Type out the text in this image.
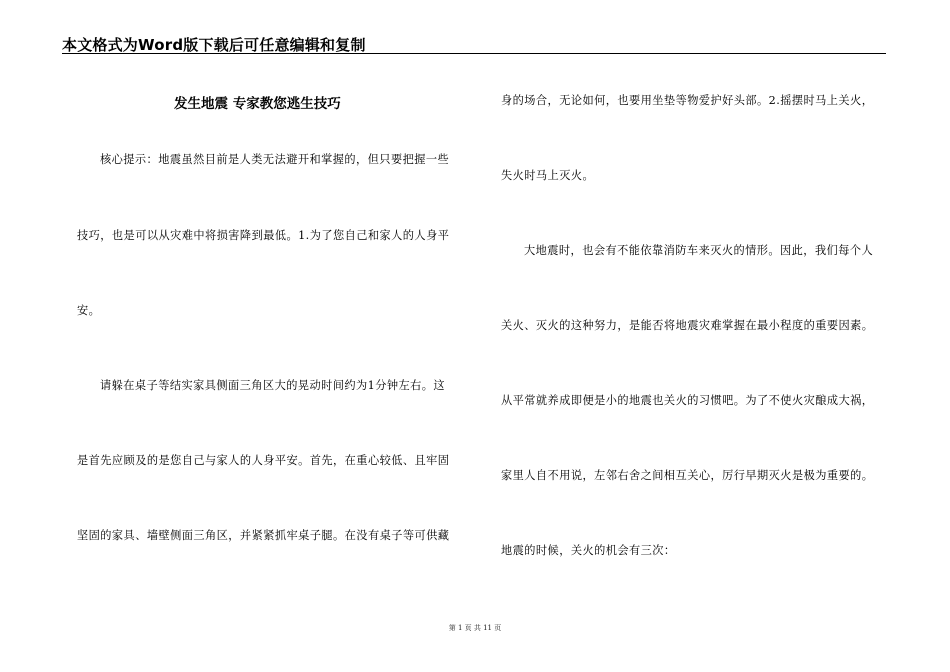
本文格式为Word版下载后可任意编辑和复制
发生地震 专家教您逃生技巧
核心提示：地震虽然目前是人类无法避开和掌握的，但只要把握一些
技巧，也是可以从灾难中将损害降到最低。1.为了您自己和家人的人身平
安。
请躲在桌子等结实家具侧面三角区大的晃动时间约为1分钟左右。这
是首先应顾及的是您自己与家人的人身平安。首先，在重心较低、且牢固
坚固的家具、墙壁侧面三角区，并紧紧抓牢桌子腿。在没有桌子等可供藏
身的场合，无论如何，也要用坐垫等物爱护好头部。2.摇摆时马上关火，
失火时马上灭火。
大地震时，也会有不能依靠消防车来灭火的情形。因此，我们每个人
关火、灭火的这种努力，是能否将地震灾难掌握在最小程度的重要因素。
从平常就养成即便是小的地震也关火的习惯吧。为了不使火灾酿成大祸，
家里人自不用说，左邻右舍之间相互关心，厉行早期灭火是极为重要的。
地震的时候，关火的机会有三次：
第 1 页 共 11 页
